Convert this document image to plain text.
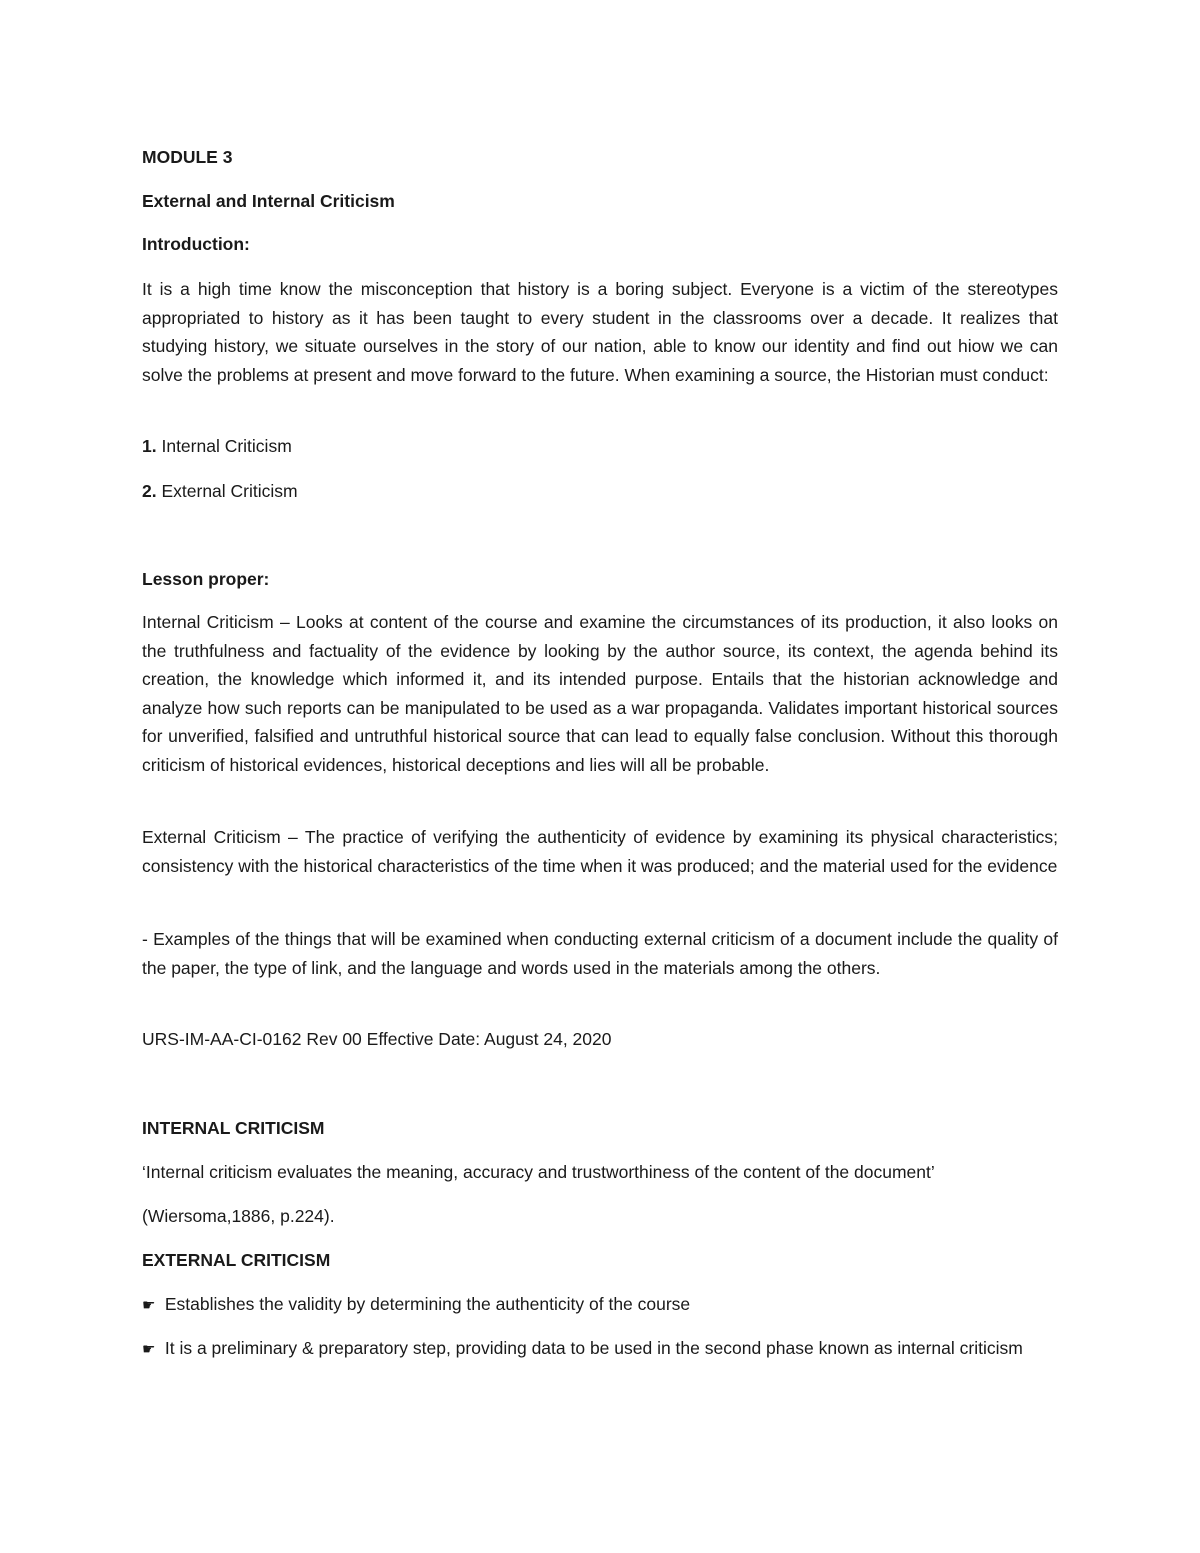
MODULE 3

External and Internal Criticism

Introduction:

It is a high time know the misconception that history is a boring subject. Everyone is a victim of the stereotypes appropriated to history as it has been taught to every student in the classrooms over a decade. It realizes that studying history, we situate ourselves in the story of our nation, able to know our identity and find out hiow we can solve the problems at present and move forward to the future. When examining a source, the Historian must conduct:

1. Internal Criticism

2. External Criticism

Lesson proper:

Internal Criticism – Looks at content of the course and examine the circumstances of its production, it also looks on the truthfulness and factuality of the evidence by looking by the author source, its context, the agenda behind its creation, the knowledge which informed it, and its intended purpose. Entails that the historian acknowledge and analyze how such reports can be manipulated to be used as a war propaganda. Validates important historical sources for unverified, falsified and untruthful historical source that can lead to equally false conclusion. Without this thorough criticism of historical evidences, historical deceptions and lies will all be probable.

External Criticism – The practice of verifying the authenticity of evidence by examining its physical characteristics; consistency with the historical characteristics of the time when it was produced; and the material used for the evidence

- Examples of the things that will be examined when conducting external criticism of a document include the quality of the paper, the type of link, and the language and words used in the materials among the others.

URS-IM-AA-CI-0162 Rev 00 Effective Date: August 24, 2020

INTERNAL CRITICISM

‘Internal criticism evaluates the meaning, accuracy and trustworthiness of the content of the document’

(Wiersoma,1886, p.224).

EXTERNAL CRITICISM

☛ Establishes the validity by determining the authenticity of the course

☛ It is a preliminary & preparatory step, providing data to be used in the second phase known as internal criticism
